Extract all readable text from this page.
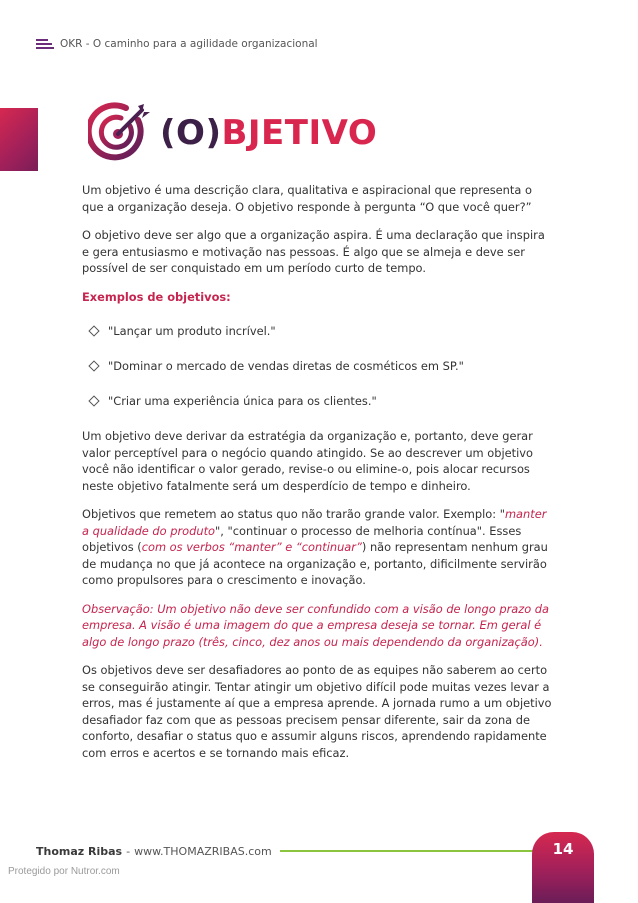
OKR - O caminho para a agilidade organizacional
(O)BJETIVO

Um objetivo é uma descrição clara, qualitativa e aspiracional que representa o que a organização deseja. O objetivo responde à pergunta “O que você quer?”

O objetivo deve ser algo que a organização aspira. É uma declaração que inspira e gera entusiasmo e motivação nas pessoas. É algo que se almeja e deve ser possível de ser conquistado em um período curto de tempo.

Exemplos de objetivos:

"Lançar um produto incrível."
"Dominar o mercado de vendas diretas de cosméticos em SP."
"Criar uma experiência única para os clientes."

Um objetivo deve derivar da estratégia da organização e, portanto, deve gerar valor perceptível para o negócio quando atingido. Se ao descrever um objetivo você não identificar o valor gerado, revise-o ou elimine-o, pois alocar recursos neste objetivo fatalmente será um desperdício de tempo e dinheiro.

Objetivos que remetem ao status quo não trarão grande valor. Exemplo: "manter a qualidade do produto", "continuar o processo de melhoria contínua". Esses objetivos (com os verbos “manter” e “continuar”) não representam nenhum grau de mudança no que já acontece na organização e, portanto, dificilmente servirão como propulsores para o crescimento e inovação.

Observação: Um objetivo não deve ser confundido com a visão de longo prazo da empresa. A visão é uma imagem do que a empresa deseja se tornar. Em geral é algo de longo prazo (três, cinco, dez anos ou mais dependendo da organização).

Os objetivos deve ser desafiadores ao ponto de as equipes não saberem ao certo se conseguirão atingir. Tentar atingir um objetivo difícil pode muitas vezes levar a erros, mas é justamente aí que a empresa aprende. A jornada rumo a um objetivo desafiador faz com que as pessoas precisem pensar diferente, sair da zona de conforto, desafiar o status quo e assumir alguns riscos, aprendendo rapidamente com erros e acertos e se tornando mais eficaz.

Thomaz Ribas - www.THOMAZRIBAS.com	14
Protegido por Nutror.com
